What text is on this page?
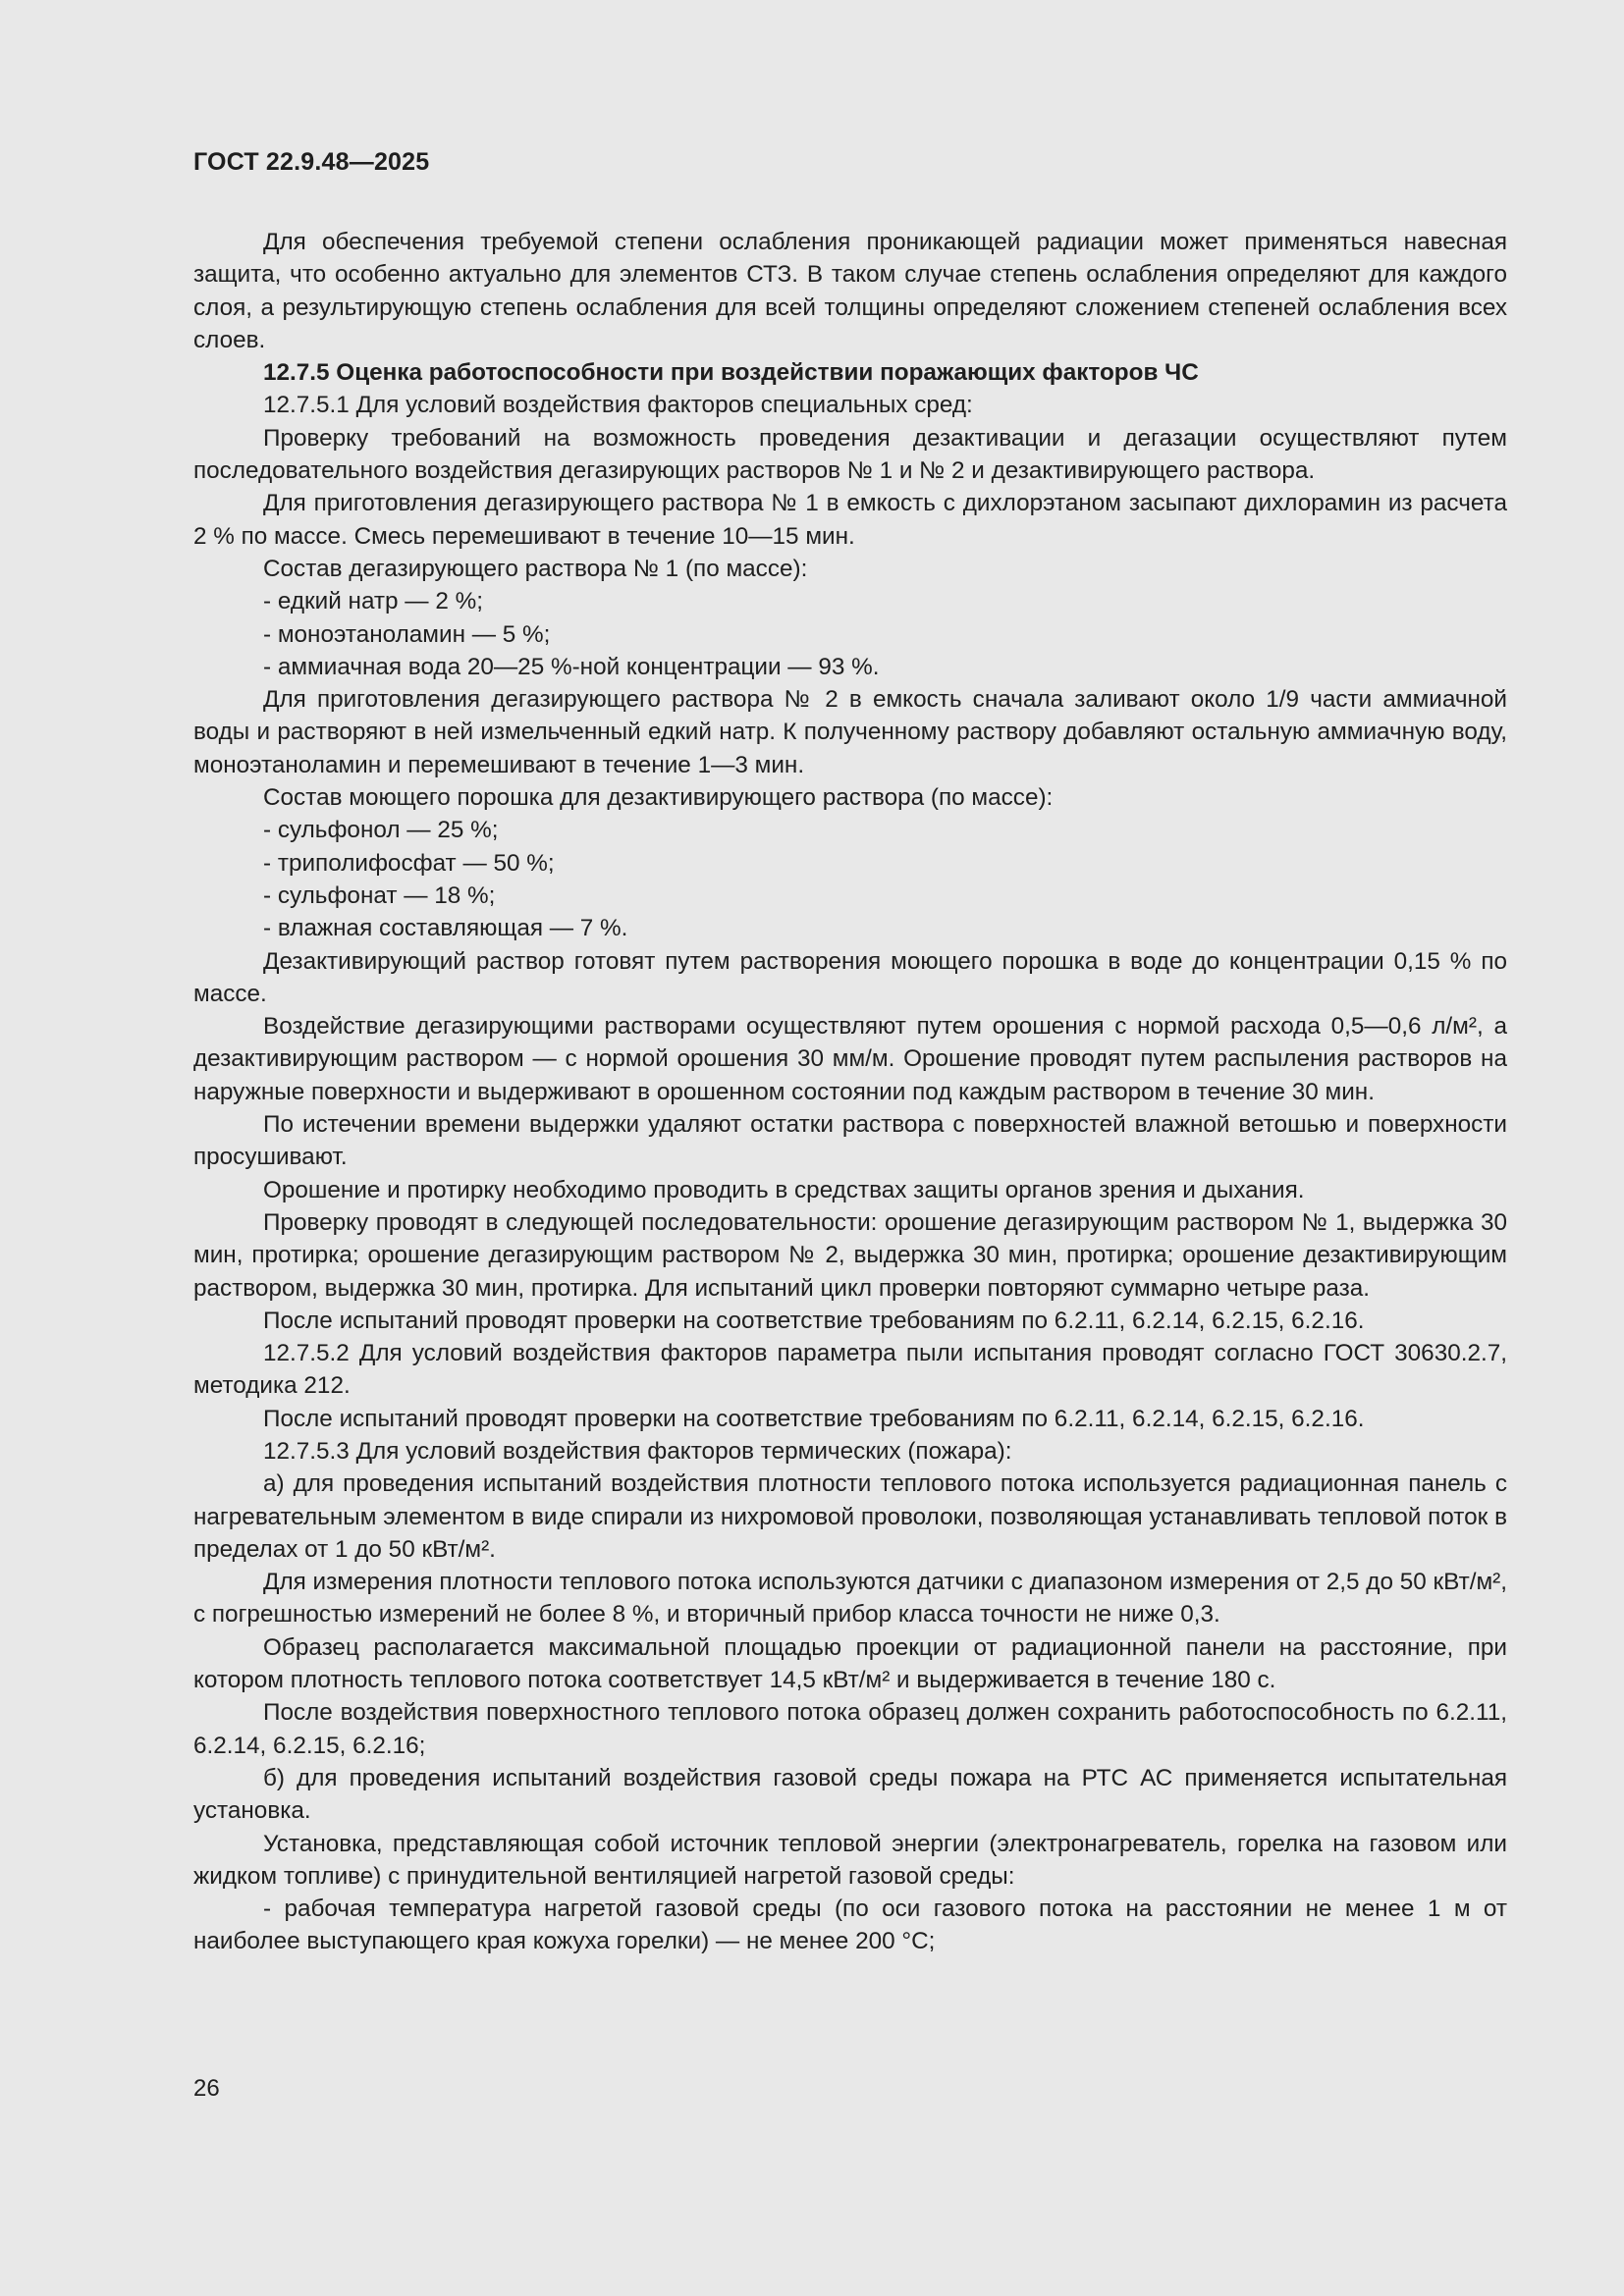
ГОСТ 22.9.48—2025

Для обеспечения требуемой степени ослабления проникающей радиации может применяться навесная защита, что особенно актуально для элементов СТЗ. В таком случае степень ослабления определяют для каждого слоя, а результирующую степень ослабления для всей толщины определяют сложением степеней ослабления всех слоев.

12.7.5 Оценка работоспособности при воздействии поражающих факторов ЧС

12.7.5.1 Для условий воздействия факторов специальных сред:

Проверку требований на возможность проведения дезактивации и дегазации осуществляют путем последовательного воздействия дегазирующих растворов № 1 и № 2 и дезактивирующего раствора.

Для приготовления дегазирующего раствора № 1 в емкость с дихлорэтаном засыпают дихлорамин из расчета 2 % по массе. Смесь перемешивают в течение 10—15 мин.

Состав дегазирующего раствора № 1 (по массе):

- едкий натр — 2 %;

- моноэтаноламин — 5 %;

- аммиачная вода 20—25 %-ной концентрации — 93 %.

Для приготовления дегазирующего раствора № 2 в емкость сначала заливают около 1/9 части аммиачной воды и растворяют в ней измельченный едкий натр. К полученному раствору добавляют остальную аммиачную воду, моноэтаноламин и перемешивают в течение 1—3 мин.

Состав моющего порошка для дезактивирующего раствора (по массе):

- сульфонол — 25 %;

- триполифосфат — 50 %;

- сульфонат — 18 %;

- влажная составляющая — 7 %.

Дезактивирующий раствор готовят путем растворения моющего порошка в воде до концентрации 0,15 % по массе.

Воздействие дегазирующими растворами осуществляют путем орошения с нормой расхода 0,5—0,6 л/м², а дезактивирующим раствором — с нормой орошения 30 мм/м. Орошение проводят путем распыления растворов на наружные поверхности и выдерживают в орошенном состоянии под каждым раствором в течение 30 мин.

По истечении времени выдержки удаляют остатки раствора с поверхностей влажной ветошью и поверхности просушивают.

Орошение и протирку необходимо проводить в средствах защиты органов зрения и дыхания.

Проверку проводят в следующей последовательности: орошение дегазирующим раствором № 1, выдержка 30 мин, протирка; орошение дегазирующим раствором № 2, выдержка 30 мин, протирка; орошение дезактивирующим раствором, выдержка 30 мин, протирка. Для испытаний цикл проверки повторяют суммарно четыре раза.

После испытаний проводят проверки на соответствие требованиям по 6.2.11, 6.2.14, 6.2.15, 6.2.16.

12.7.5.2 Для условий воздействия факторов параметра пыли испытания проводят согласно ГОСТ 30630.2.7, методика 212.

После испытаний проводят проверки на соответствие требованиям по 6.2.11, 6.2.14, 6.2.15, 6.2.16.

12.7.5.3 Для условий воздействия факторов термических (пожара):

а) для проведения испытаний воздействия плотности теплового потока используется радиационная панель с нагревательным элементом в виде спирали из нихромовой проволоки, позволяющая устанавливать тепловой поток в пределах от 1 до 50 кВт/м².

Для измерения плотности теплового потока используются датчики с диапазоном измерения от 2,5 до 50 кВт/м², с погрешностью измерений не более 8 %, и вторичный прибор класса точности не ниже 0,3.

Образец располагается максимальной площадью проекции от радиационной панели на расстояние, при котором плотность теплового потока соответствует 14,5 кВт/м² и выдерживается в течение 180 с.

После воздействия поверхностного теплового потока образец должен сохранить работоспособность по 6.2.11, 6.2.14, 6.2.15, 6.2.16;

б) для проведения испытаний воздействия газовой среды пожара на РТС АС применяется испытательная установка.

Установка, представляющая собой источник тепловой энергии (электронагреватель, горелка на газовом или жидком топливе) с принудительной вентиляцией нагретой газовой среды:

- рабочая температура нагретой газовой среды (по оси газового потока на расстоянии не менее 1 м от наиболее выступающего края кожуха горелки) — не менее 200 °С;

26
